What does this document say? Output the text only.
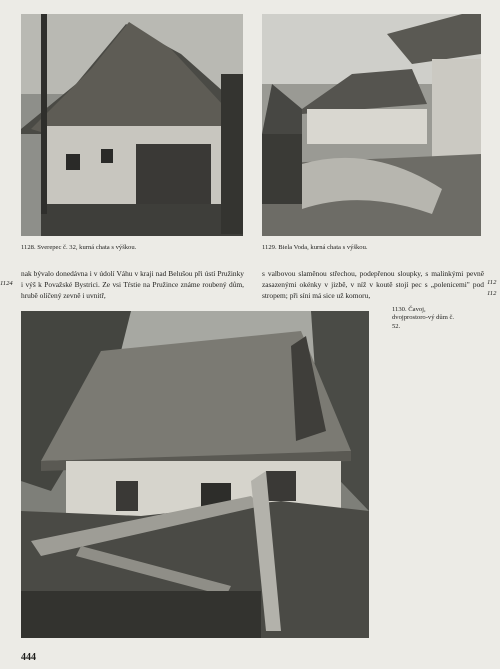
1128. Sverepec č. 32, kurná chata s výškou.	1129. Biela Voda, kurná chata s výškou.
1124
nak bývalo donedávna i v údolí Váhu v kraji nad Belušou při ústí Pružinky i výš k Považské Bystrici. Ze vsi Tŕstie na Pružince známe roubený dům, hrubě olíčený zevně i uvnitř,
s valbovou slaměnou střechou, podepřenou sloupky, s malinkými pevně zasazenými okénky v jizbě, v níž v koutě stojí pec s „polenicemi" pod stropem; při síni má sice už komoru,
112
112
1130. Čavoj, dvojprostoro-vý dům č. 52.
444
